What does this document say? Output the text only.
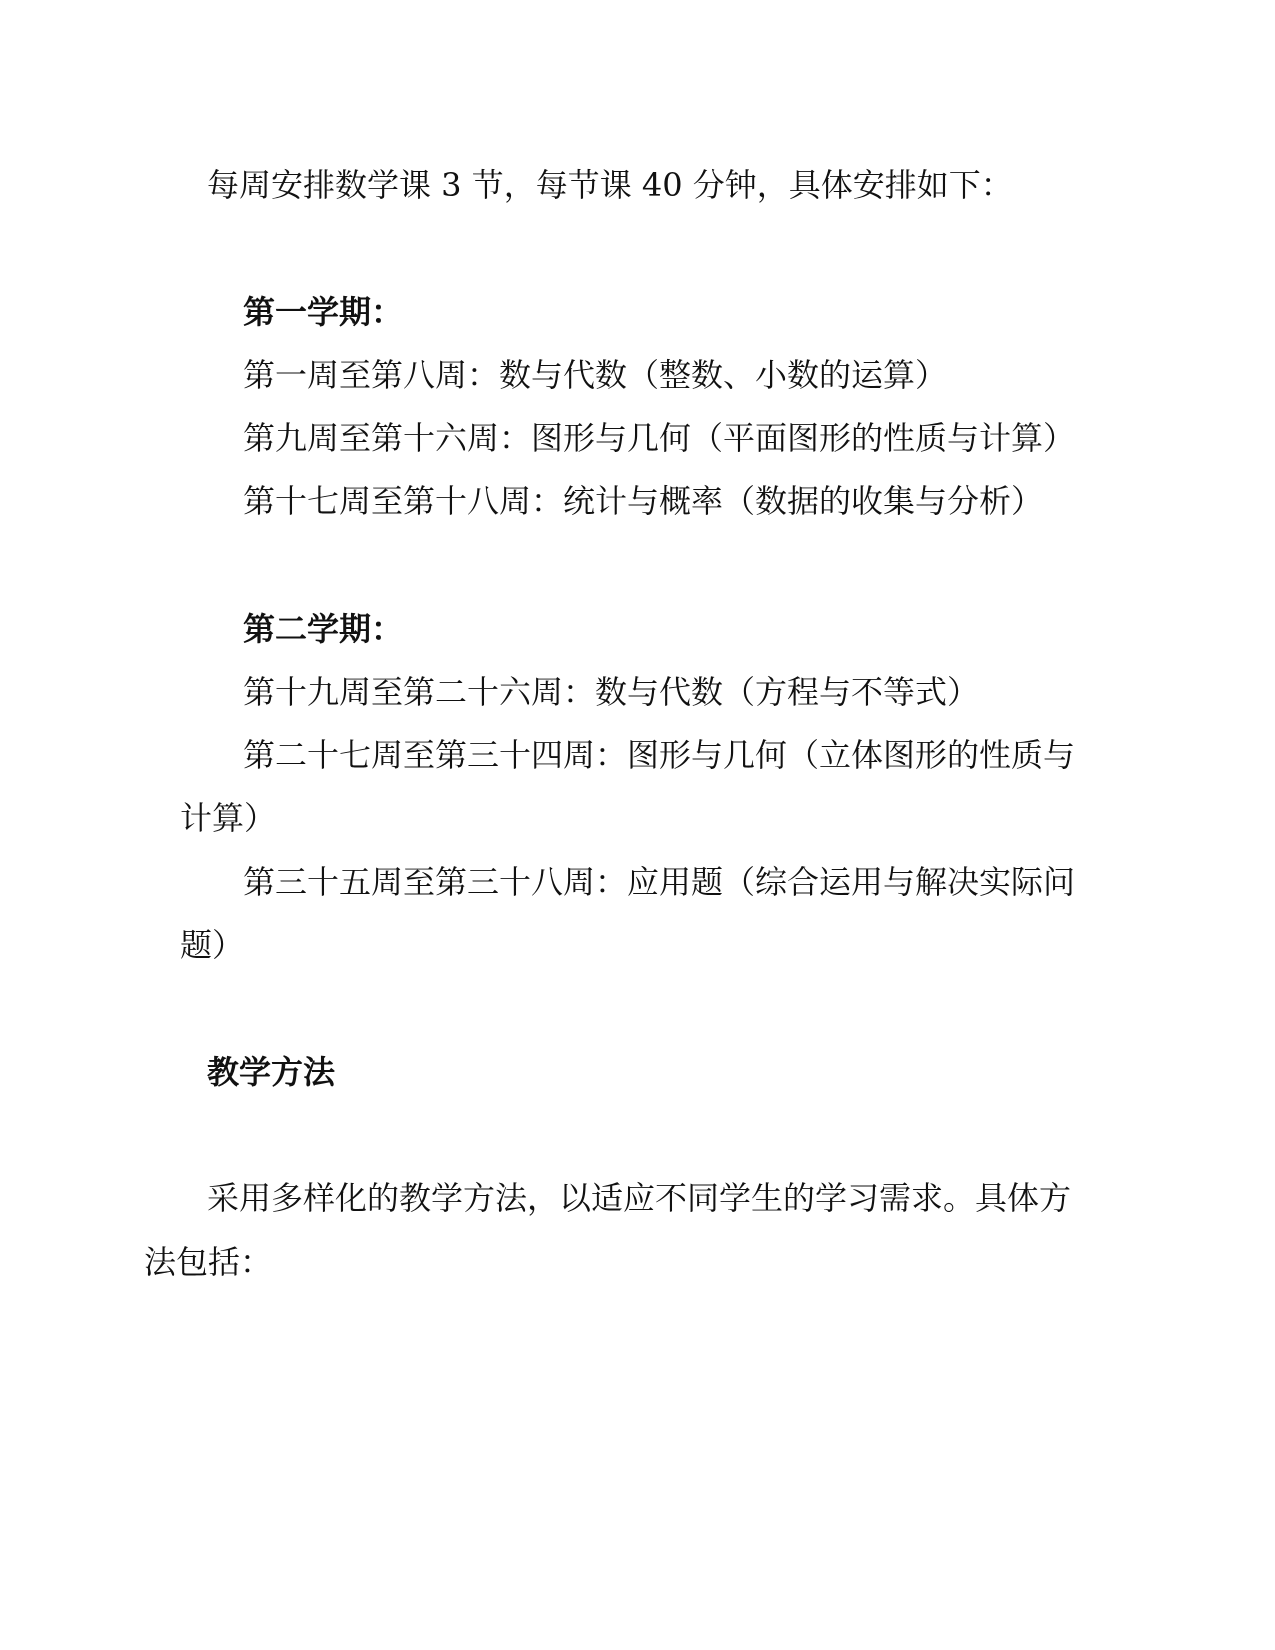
每周安排数学课 3 节，每节课 40 分钟，具体安排如下：

第一学期：

第一周至第八周：数与代数（整数、小数的运算）

第九周至第十六周：图形与几何（平面图形的性质与计算）

第十七周至第十八周：统计与概率（数据的收集与分析）

第二学期：

第十九周至第二十六周：数与代数（方程与不等式）

第二十七周至第三十四周：图形与几何（立体图形的性质与

计算）

第三十五周至第三十八周：应用题（综合运用与解决实际问

题）

教学方法

采用多样化的教学方法，以适应不同学生的学习需求。具体方

法包括：
